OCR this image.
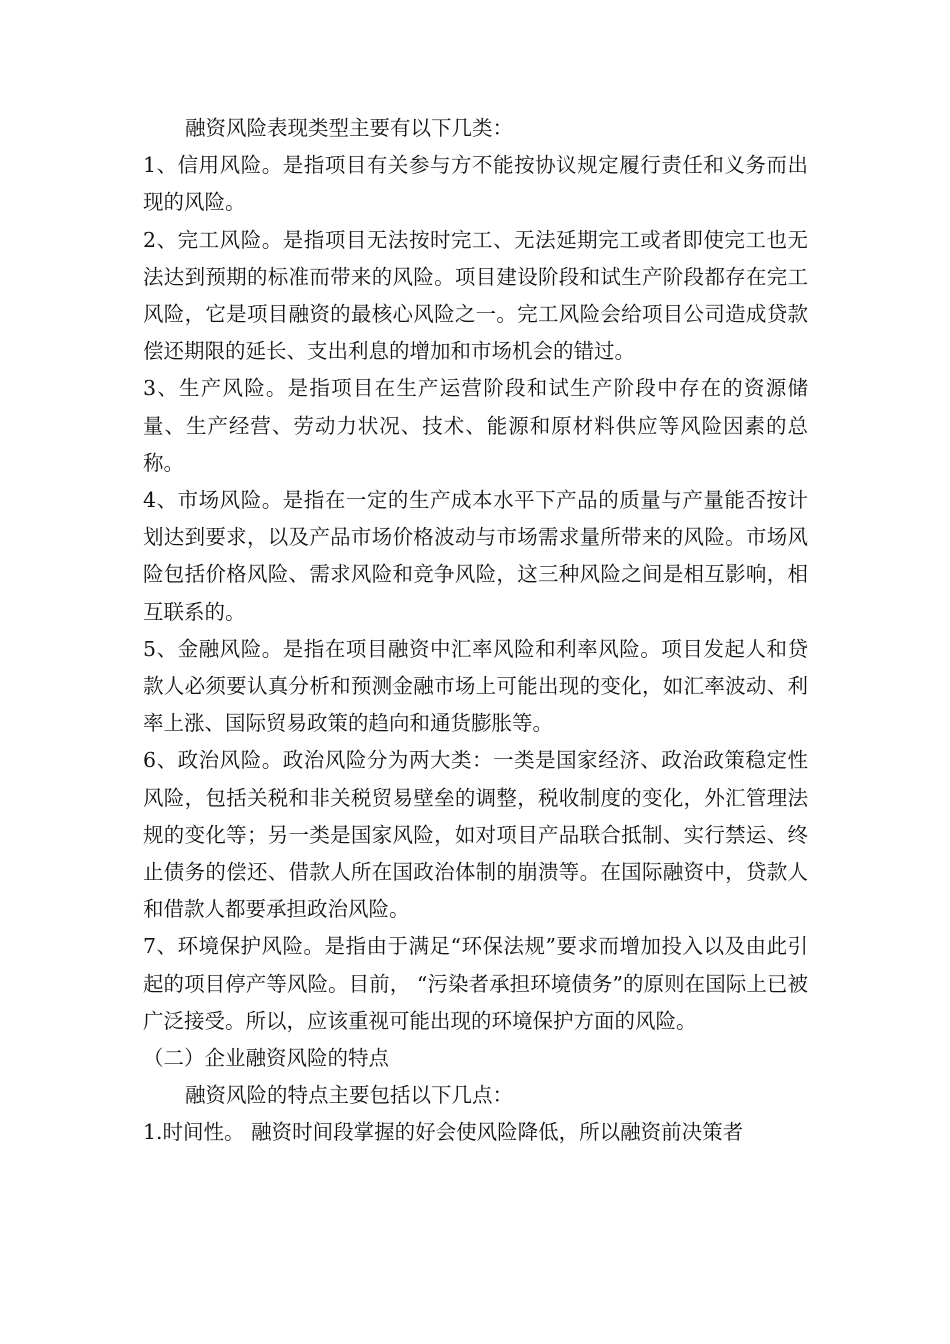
融资风险表现类型主要有以下几类：

1、信用风险。是指项目有关参与方不能按协议规定履行责任和义务而出现的风险。

2、完工风险。是指项目无法按时完工、无法延期完工或者即使完工也无法达到预期的标准而带来的风险。项目建设阶段和试生产阶段都存在完工风险，它是项目融资的最核心风险之一。完工风险会给项目公司造成贷款偿还期限的延长、支出利息的增加和市场机会的错过。

3、生产风险。是指项目在生产运营阶段和试生产阶段中存在的资源储量、生产经营、劳动力状况、技术、能源和原材料供应等风险因素的总称。

4、市场风险。是指在一定的生产成本水平下产品的质量与产量能否按计划达到要求，以及产品市场价格波动与市场需求量所带来的风险。市场风险包括价格风险、需求风险和竞争风险，这三种风险之间是相互影响，相互联系的。

5、金融风险。是指在项目融资中汇率风险和利率风险。项目发起人和贷款人必须要认真分析和预测金融市场上可能出现的变化，如汇率波动、利率上涨、国际贸易政策的趋向和通货膨胀等。

6、政治风险。政治风险分为两大类：一类是国家经济、政治政策稳定性风险，包括关税和非关税贸易壁垒的调整，税收制度的变化，外汇管理法规的变化等；另一类是国家风险，如对项目产品联合抵制、实行禁运、终止债务的偿还、借款人所在国政治体制的崩溃等。在国际融资中，贷款人和借款人都要承担政治风险。

7、环境保护风险。是指由于满足“环保法规”要求而增加投入以及由此引起的项目停产等风险。目前， “污染者承担环境债务”的原则在国际上已被广泛接受。所以，应该重视可能出现的环境保护方面的风险。

（二）企业融资风险的特点

融资风险的特点主要包括以下几点：

1.时间性。 融资时间段掌握的好会使风险降低，所以融资前决策者
